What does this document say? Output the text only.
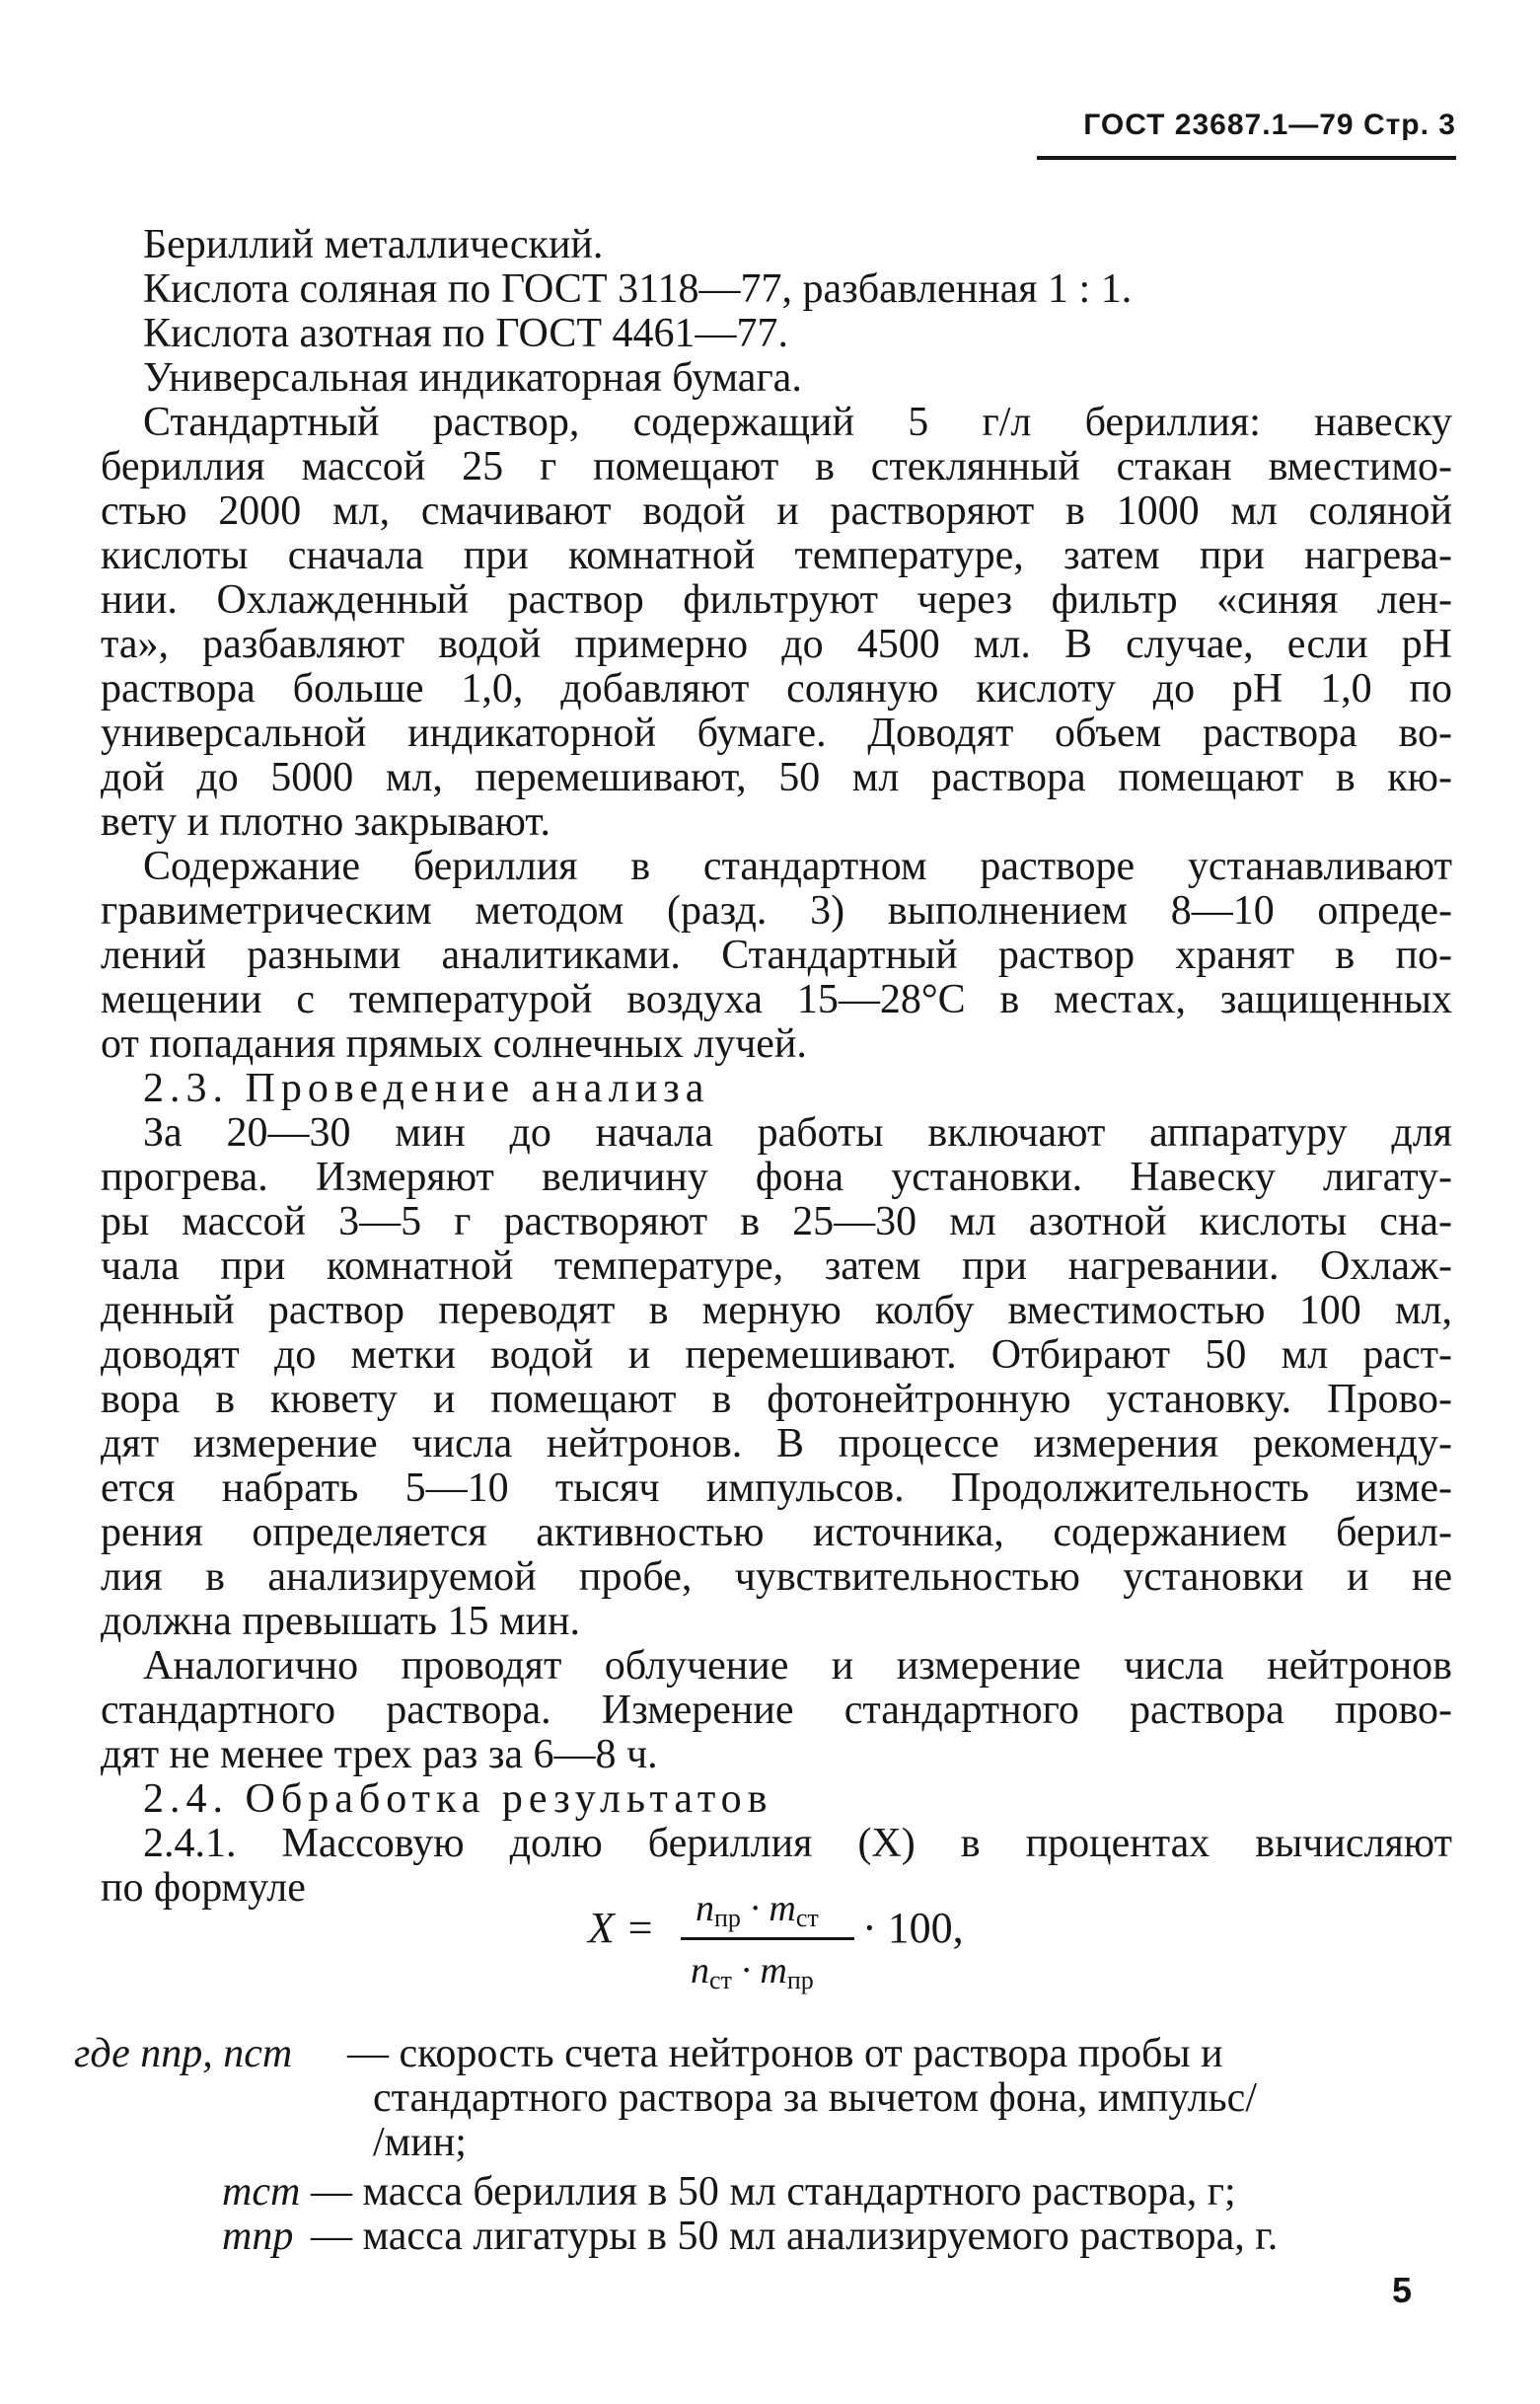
ГОСТ 23687.1—79 Стр. 3
Бериллий металлический.
Кислота соляная по ГОСТ 3118—77, разбавленная 1 : 1.
Кислота азотная по ГОСТ 4461—77.
Универсальная индикаторная бумага.
Стандартный раствор, содержащий 5 г/л бериллия: навеску
бериллия массой 25 г помещают в стеклянный стакан вместимо-
стью 2000 мл, смачивают водой и растворяют в 1000 мл соляной
кислоты сначала при комнатной температуре, затем при нагрева-
нии. Охлажденный раствор фильтруют через фильтр «синяя лен-
та», разбавляют водой примерно до 4500 мл. В случае, если pH
раствора больше 1,0, добавляют соляную кислоту до pH 1,0 по
универсальной индикаторной бумаге. Доводят объем раствора во-
дой до 5000 мл, перемешивают, 50 мл раствора помещают в кю-
вету и плотно закрывают.
Содержание бериллия в стандартном растворе устанавливают
гравиметрическим методом (разд. 3) выполнением 8—10 опреде-
лений разными аналитиками. Стандартный раствор хранят в по-
мещении с температурой воздуха 15—28°C в местах, защищенных
от попадания прямых солнечных лучей.
2.3. Проведение анализа
За 20—30 мин до начала работы включают аппаратуру для
прогрева. Измеряют величину фона установки. Навеску лигату-
ры массой 3—5 г растворяют в 25—30 мл азотной кислоты сна-
чала при комнатной температуре, затем при нагревании. Охлаж-
денный раствор переводят в мерную колбу вместимостью 100 мл,
доводят до метки водой и перемешивают. Отбирают 50 мл раст-
вора в кювету и помещают в фотонейтронную установку. Прово-
дят измерение числа нейтронов. В процессе измерения рекоменду-
ется набрать 5—10 тысяч импульсов. Продолжительность изме-
рения определяется активностью источника, содержанием берил-
лия в анализируемой пробе, чувствительностью установки и не
должна превышать 15 мин.
Аналогично проводят облучение и измерение числа нейтронов
стандартного раствора. Измерение стандартного раствора прово-
дят не менее трех раз за 6—8 ч.
2.4. Обработка результатов
2.4.1. Массовую долю бериллия (X) в процентах вычисляют
по формуле
$X = n_{пр} \cdot m_{ст}$
$n_{ст} \cdot m_{пр}$
· 100,
где nпр, nст — скорость счета нейтронов от раствора пробы и
стандартного раствора за вычетом фона, импульс/
/мин;
mст — масса бериллия в 50 мл стандартного раствора, г;
mпр — масса лигатуры в 50 мл анализируемого раствора, г.
5
